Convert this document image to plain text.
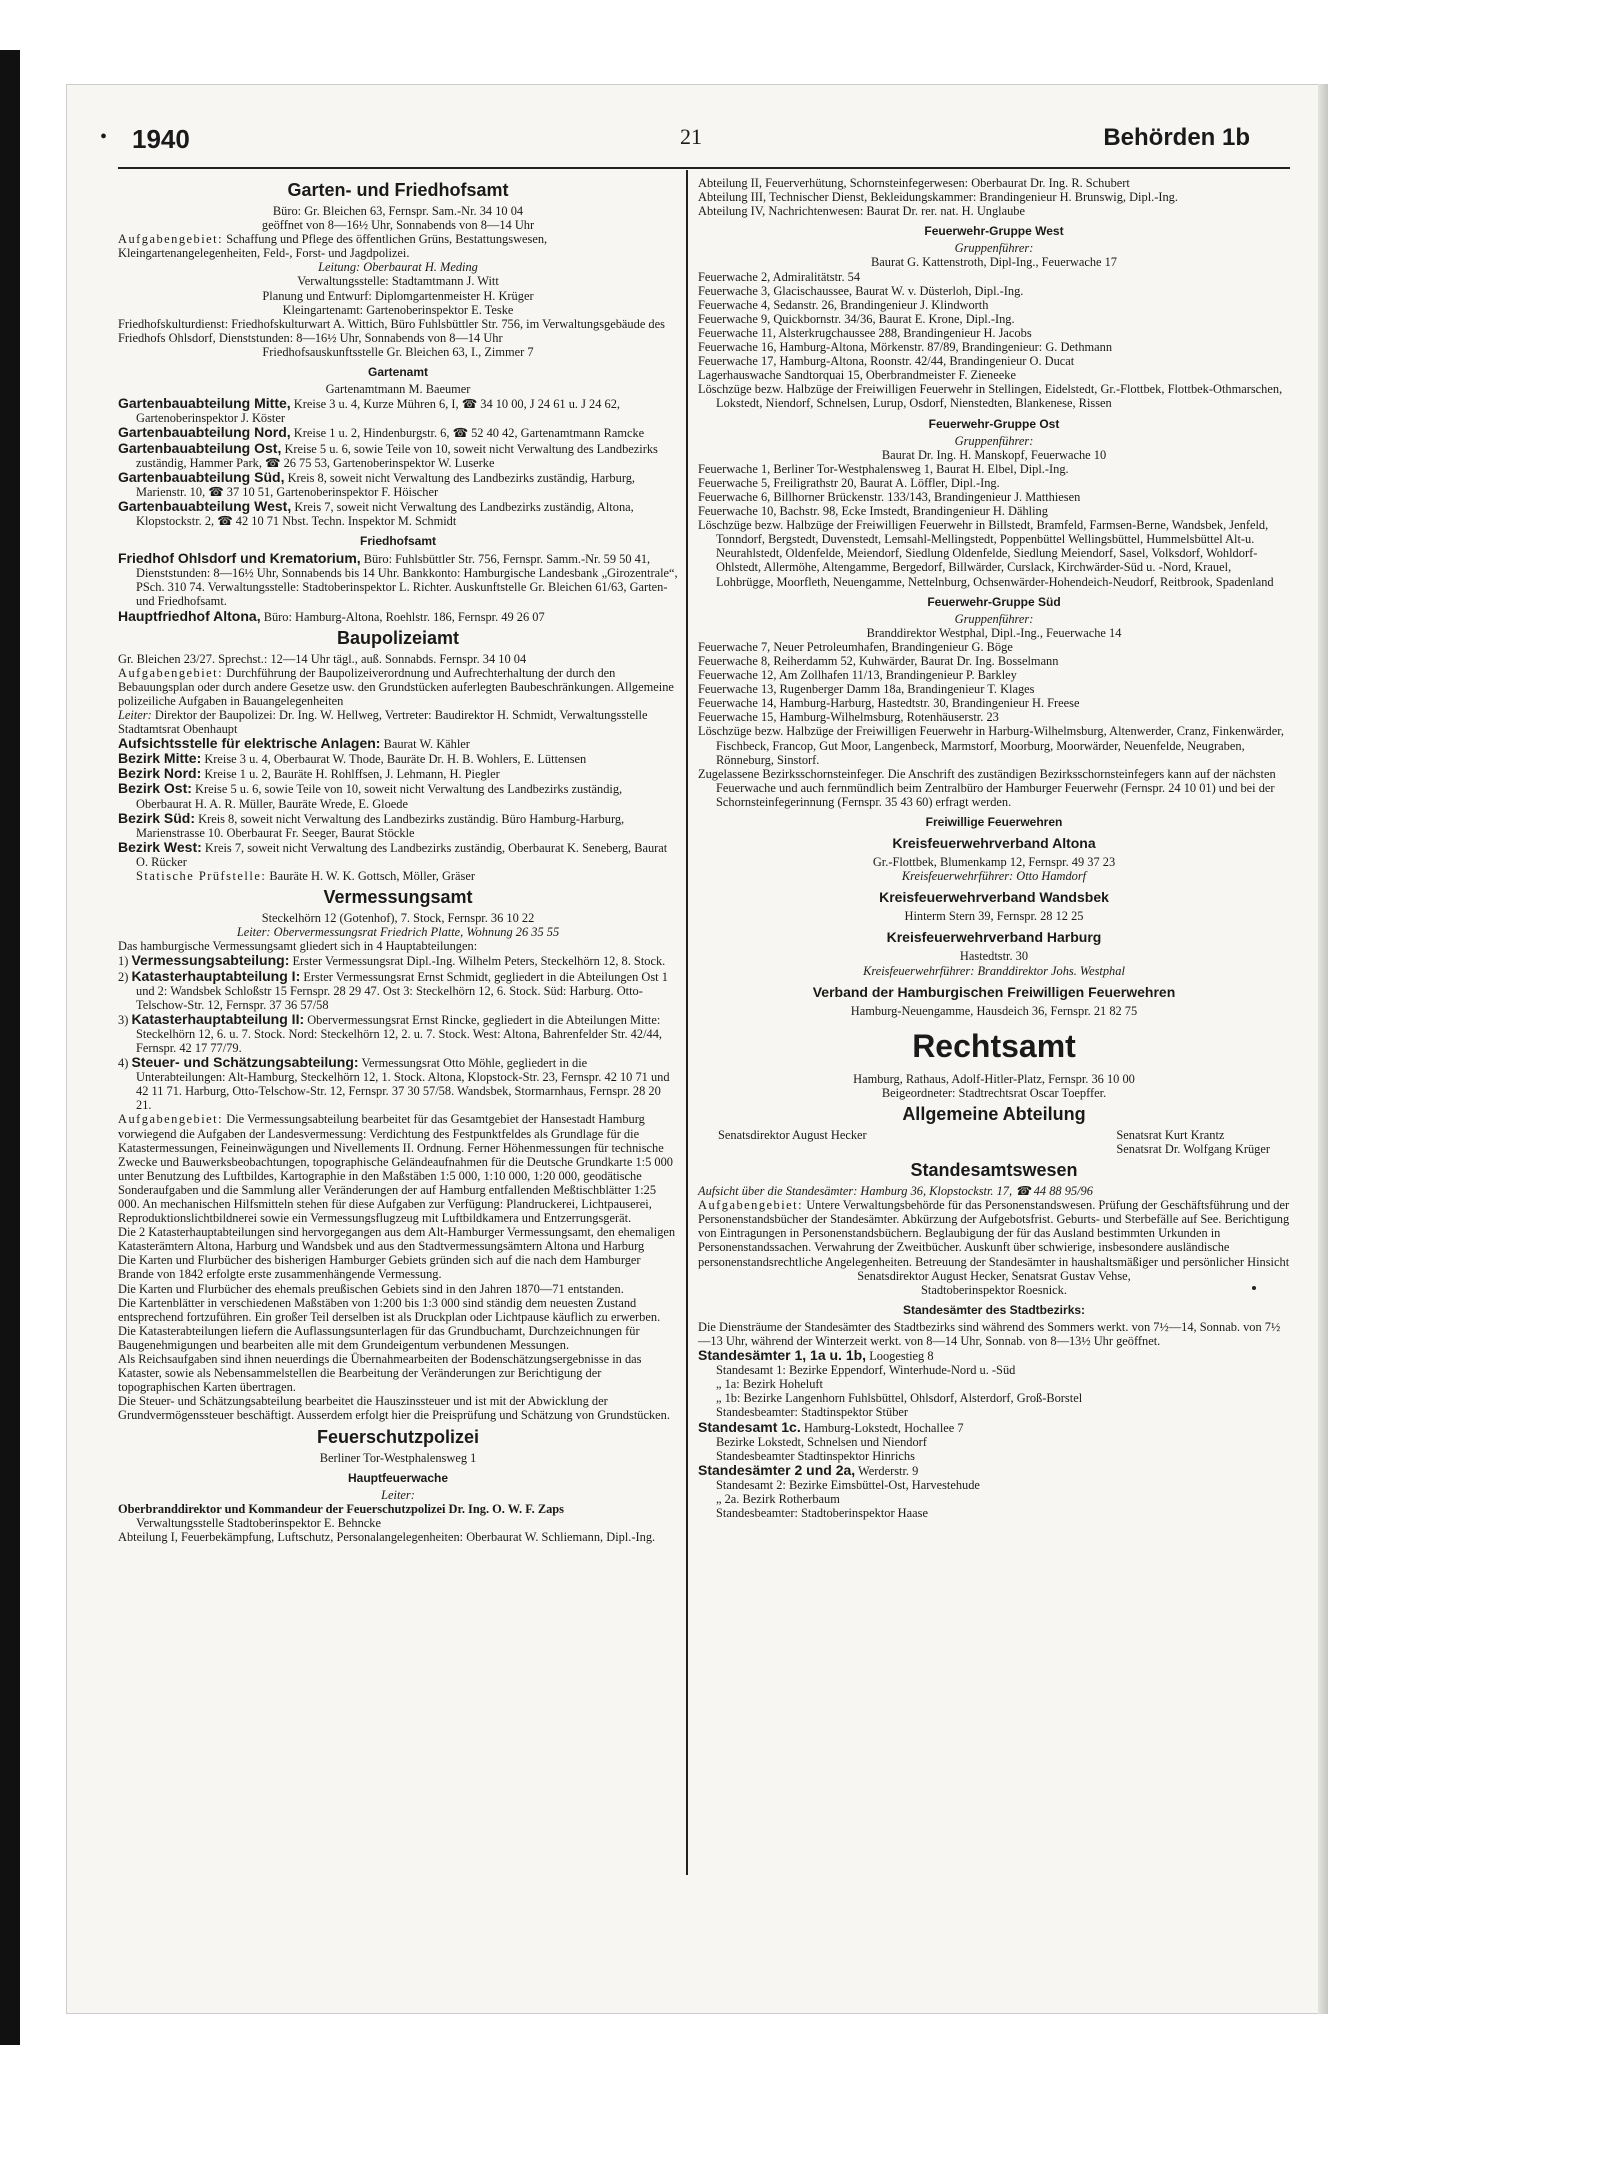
• 1940	21	Behörden 1b
Garten- und Friedhofsamt

Büro: Gr. Bleichen 63, Fernspr. Sam.-Nr. 34 10 04

geöffnet von 8—16½ Uhr, Sonnabends von 8—14 Uhr

Aufgabengebiet: Schaffung und Pflege des öffentlichen Grüns, Bestattungswesen, Kleingartenangelegenheiten, Feld-, Forst- und Jagdpolizei.

Leitung: Oberbaurat H. Meding

Verwaltungsstelle: Stadtamtmann J. Witt

Planung und Entwurf: Diplomgartenmeister H. Krüger

Kleingartenamt: Gartenoberinspektor E. Teske

Friedhofskulturdienst: Friedhofskulturwart A. Wittich, Büro Fuhlsbüttler Str. 756, im Verwaltungsgebäude des Friedhofs Ohlsdorf, Dienststunden: 8—16½ Uhr, Sonnabends von 8—14 Uhr

Friedhofsauskunftsstelle Gr. Bleichen 63, I., Zimmer 7

Gartenamt

Gartenamtmann M. Baeumer

Gartenbauabteilung Mitte, Kreise 3 u. 4, Kurze Mühren 6, I, ☎ 34 10 00, J 24 61 u. J 24 62, Gartenoberinspektor J. Köster

Gartenbauabteilung Nord, Kreise 1 u. 2, Hindenburgstr. 6, ☎ 52 40 42, Gartenamtmann Ramcke

Gartenbauabteilung Ost, Kreise 5 u. 6, sowie Teile von 10, soweit nicht Verwaltung des Landbezirks zuständig, Hammer Park, ☎ 26 75 53, Gartenoberinspektor W. Luserke

Gartenbauabteilung Süd, Kreis 8, soweit nicht Verwaltung des Landbezirks zuständig, Harburg, Marienstr. 10, ☎ 37 10 51, Gartenoberinspektor F. Höischer

Gartenbauabteilung West, Kreis 7, soweit nicht Verwaltung des Landbezirks zuständig, Altona, Klopstockstr. 2, ☎ 42 10 71 Nbst. Techn. Inspektor M. Schmidt

Friedhofsamt

Friedhof Ohlsdorf und Krematorium, Büro: Fuhlsbüttler Str. 756, Fernspr. Samm.-Nr. 59 50 41, Dienststunden: 8—16½ Uhr, Sonnabends bis 14 Uhr. Bankkonto: Hamburgische Landesbank „Girozentrale“, PSch. 310 74. Verwaltungsstelle: Stadtoberinspektor L. Richter. Auskunftstelle Gr. Bleichen 61/63, Garten- und Friedhofsamt.

Hauptfriedhof Altona, Büro: Hamburg-Altona, Roehlstr. 186, Fernspr. 49 26 07

Baupolizeiamt

Gr. Bleichen 23/27. Sprechst.: 12—14 Uhr tägl., auß. Sonnabds. Fernspr. 34 10 04

Aufgabengebiet: Durchführung der Baupolizeiverordnung und Aufrechterhaltung der durch den Bebauungsplan oder durch andere Gesetze usw. den Grundstücken auferlegten Baubeschränkungen. Allgemeine polizeiliche Aufgaben in Bauangelegenheiten

Leiter: Direktor der Baupolizei: Dr. Ing. W. Hellweg, Vertreter: Baudirektor H. Schmidt, Verwaltungsstelle Stadtamtsrat Obenhaupt

Aufsichtsstelle für elektrische Anlagen: Baurat W. Kähler

Bezirk Mitte: Kreise 3 u. 4, Oberbaurat W. Thode, Bauräte Dr. H. B. Wohlers, E. Lüttensen

Bezirk Nord: Kreise 1 u. 2, Bauräte H. Rohlffsen, J. Lehmann, H. Piegler

Bezirk Ost: Kreise 5 u. 6, sowie Teile von 10, soweit nicht Verwaltung des Landbezirks zuständig, Oberbaurat H. A. R. Müller, Bauräte Wrede, E. Gloede

Bezirk Süd: Kreis 8, soweit nicht Verwaltung des Landbezirks zuständig. Büro Hamburg-Harburg, Marienstrasse 10. Oberbaurat Fr. Seeger, Baurat Stöckle

Bezirk West: Kreis 7, soweit nicht Verwaltung des Landbezirks zuständig, Oberbaurat K. Seneberg, Baurat O. Rücker

Statische Prüfstelle: Bauräte H. W. K. Gottsch, Möller, Gräser

Vermessungsamt

Steckelhörn 12 (Gotenhof), 7. Stock, Fernspr. 36 10 22

Leiter: Obervermessungsrat Friedrich Platte, Wohnung 26 35 55

Das hamburgische Vermessungsamt gliedert sich in 4 Hauptabteilungen:

1) Vermessungsabteilung: Erster Vermessungsrat Dipl.-Ing. Wilhelm Peters, Steckelhörn 12, 8. Stock.

2) Katasterhauptabteilung I: Erster Vermessungsrat Ernst Schmidt, gegliedert in die Abteilungen Ost 1 und 2: Wandsbek Schloßstr 15 Fernspr. 28 29 47. Ost 3: Steckelhörn 12, 6. Stock. Süd: Harburg. Otto-Telschow-Str. 12, Fernspr. 37 36 57/58

3) Katasterhauptabteilung II: Obervermessungsrat Ernst Rincke, gegliedert in die Abteilungen Mitte: Steckelhörn 12, 6. u. 7. Stock. Nord: Steckelhörn 12, 2. u. 7. Stock. West: Altona, Bahrenfelder Str. 42/44, Fernspr. 42 17 77/79.

4) Steuer- und Schätzungsabteilung: Vermessungsrat Otto Möhle, gegliedert in die Unterabteilungen: Alt-Hamburg, Steckelhörn 12, 1. Stock. Altona, Klopstock-Str. 23, Fernspr. 42 10 71 und 42 11 71. Harburg, Otto-Telschow-Str. 12, Fernspr. 37 30 57/58. Wandsbek, Stormarnhaus, Fernspr. 28 20 21.

Aufgabengebiet: Die Vermessungsabteilung bearbeitet für das Gesamtgebiet der Hansestadt Hamburg vorwiegend die Aufgaben der Landesvermessung: Verdichtung des Festpunktfeldes als Grundlage für die Katastermessungen, Feineinwägungen und Nivellements II. Ordnung. Ferner Höhenmessungen für technische Zwecke und Bauwerksbeobachtungen, topographische Geländeaufnahmen für die Deutsche Grundkarte 1:5 000 unter Benutzung des Luftbildes, Kartographie in den Maßstäben 1:5 000, 1:10 000, 1:20 000, geodätische Sonderaufgaben und die Sammlung aller Veränderungen der auf Hamburg entfallenden Meßtischblätter 1:25 000. An mechanischen Hilfsmitteln stehen für diese Aufgaben zur Verfügung: Plandruckerei, Lichtpauserei, Reproduktionslichtbildnerei sowie ein Vermessungsflugzeug mit Luftbildkamera und Entzerrungsgerät.

Die 2 Katasterhauptabteilungen sind hervorgegangen aus dem Alt-Hamburger Vermessungsamt, den ehemaligen Katasterämtern Altona, Harburg und Wandsbek und aus den Stadtvermessungsämtern Altona und Harburg

Die Karten und Flurbücher des bisherigen Hamburger Gebiets gründen sich auf die nach dem Hamburger Brande von 1842 erfolgte erste zusammenhängende Vermessung.

Die Karten und Flurbücher des ehemals preußischen Gebiets sind in den Jahren 1870—71 entstanden.

Die Kartenblätter in verschiedenen Maßstäben von 1:200 bis 1:3 000 sind ständig dem neuesten Zustand entsprechend fortzuführen. Ein großer Teil derselben ist als Druckplan oder Lichtpause käuflich zu erwerben.

Die Katasterabteilungen liefern die Auflassungsunterlagen für das Grundbuchamt, Durchzeichnungen für Baugenehmigungen und bearbeiten alle mit dem Grundeigentum verbundenen Messungen.

Als Reichsaufgaben sind ihnen neuerdings die Übernahmearbeiten der Bodenschätzungsergebnisse in das Kataster, sowie als Nebensammelstellen die Bearbeitung der Veränderungen zur Berichtigung der topographischen Karten übertragen.

Die Steuer- und Schätzungsabteilung bearbeitet die Hauszinssteuer und ist mit der Abwicklung der Grundvermögenssteuer beschäftigt. Ausserdem erfolgt hier die Preisprüfung und Schätzung von Grundstücken.

Feuerschutzpolizei

Berliner Tor-Westphalensweg 1

Hauptfeuerwache

Leiter:

Oberbranddirektor und Kommandeur der Feuerschutzpolizei Dr. Ing. O. W. F. Zaps

Verwaltungsstelle Stadtoberinspektor E. Behncke

Abteilung I, Feuerbekämpfung, Luftschutz, Personalangelegenheiten: Oberbaurat W. Schliemann, Dipl.-Ing.

Abteilung II, Feuerverhütung, Schornsteinfegerwesen: Oberbaurat Dr. Ing. R. Schubert

Abteilung III, Technischer Dienst, Bekleidungskammer: Brandingenieur H. Brunswig, Dipl.-Ing.

Abteilung IV, Nachrichtenwesen: Baurat Dr. rer. nat. H. Unglaube

Feuerwehr-Gruppe West

Gruppenführer:

Baurat G. Kattenstroth, Dipl-Ing., Feuerwache 17

Feuerwache 2, Admiralitätstr. 54

Feuerwache 3, Glacischaussee, Baurat W. v. Düsterloh, Dipl.-Ing.

Feuerwache 4, Sedanstr. 26, Brandingenieur J. Klindworth

Feuerwache 9, Quickbornstr. 34/36, Baurat E. Krone, Dipl.-Ing.

Feuerwache 11, Alsterkrugchaussee 288, Brandingenieur H. Jacobs

Feuerwache 16, Hamburg-Altona, Mörkenstr. 87/89, Brandingenieur: G. Dethmann

Feuerwache 17, Hamburg-Altona, Roonstr. 42/44, Brandingenieur O. Ducat

Lagerhauswache Sandtorquai 15, Oberbrandmeister F. Zieneeke

Löschzüge bezw. Halbzüge der Freiwilligen Feuerwehr in Stellingen, Eidelstedt, Gr.-Flottbek, Flottbek-Othmarschen, Lokstedt, Niendorf, Schnelsen, Lurup, Osdorf, Nienstedten, Blankenese, Rissen

Feuerwehr-Gruppe Ost

Gruppenführer:

Baurat Dr. Ing. H. Manskopf, Feuerwache 10

Feuerwache 1, Berliner Tor-Westphalensweg 1, Baurat H. Elbel, Dipl.-Ing.

Feuerwache 5, Freiligrathstr 20, Baurat A. Löffler, Dipl.-Ing.

Feuerwache 6, Billhorner Brückenstr. 133/143, Brandingenieur J. Matthiesen

Feuerwache 10, Bachstr. 98, Ecke Imstedt, Brandingenieur H. Dähling

Löschzüge bezw. Halbzüge der Freiwilligen Feuerwehr in Billstedt, Bramfeld, Farmsen-Berne, Wandsbek, Jenfeld, Tonndorf, Bergstedt, Duvenstedt, Lemsahl-Mellingstedt, Poppenbüttel Wellingsbüttel, Hummelsbüttel Alt-u. Neurahlstedt, Oldenfelde, Meiendorf, Siedlung Oldenfelde, Siedlung Meiendorf, Sasel, Volksdorf, Wohldorf-Ohlstedt, Allermöhe, Altengamme, Bergedorf, Billwärder, Curslack, Kirchwärder-Süd u. -Nord, Krauel, Lohbrügge, Moorfleth, Neuengamme, Nettelnburg, Ochsenwärder-Hohendeich-Neudorf, Reitbrook, Spadenland

Feuerwehr-Gruppe Süd

Gruppenführer:

Branddirektor Westphal, Dipl.-Ing., Feuerwache 14

Feuerwache 7, Neuer Petroleumhafen, Brandingenieur G. Böge

Feuerwache 8, Reiherdamm 52, Kuhwärder, Baurat Dr. Ing. Bosselmann

Feuerwache 12, Am Zollhafen 11/13, Brandingenieur P. Barkley

Feuerwache 13, Rugenberger Damm 18a, Brandingenieur T. Klages

Feuerwache 14, Hamburg-Harburg, Hastedtstr. 30, Brandingenieur H. Freese

Feuerwache 15, Hamburg-Wilhelmsburg, Rotenhäuserstr. 23

Löschzüge bezw. Halbzüge der Freiwilligen Feuerwehr in Harburg-Wilhelmsburg, Altenwerder, Cranz, Finkenwärder, Fischbeck, Francop, Gut Moor, Langenbeck, Marmstorf, Moorburg, Moorwärder, Neuenfelde, Neugraben, Rönneburg, Sinstorf.

Zugelassene Bezirksschornsteinfeger. Die Anschrift des zuständigen Bezirksschornsteinfegers kann auf der nächsten Feuerwache und auch fernmündlich beim Zentralbüro der Hamburger Feuerwehr (Fernspr. 24 10 01) und bei der Schornsteinfegerinnung (Fernspr. 35 43 60) erfragt werden.

Freiwillige Feuerwehren
Kreisfeuerwehrverband Altona

Gr.-Flottbek, Blumenkamp 12, Fernspr. 49 37 23

Kreisfeuerwehrführer: Otto Hamdorf

Kreisfeuerwehrverband Wandsbek

Hinterm Stern 39, Fernspr. 28 12 25

Kreisfeuerwehrverband Harburg

Hastedtstr. 30

Kreisfeuerwehrführer: Branddirektor Johs. Westphal

Verband der Hamburgischen Freiwilligen Feuerwehren

Hamburg-Neuengamme, Hausdeich 36, Fernspr. 21 82 75

Rechtsamt

Hamburg, Rathaus, Adolf-Hitler-Platz, Fernspr. 36 10 00

Beigeordneter: Stadtrechtsrat Oscar Toepffer.

Allgemeine Abteilung
Senatsdirektor August Hecker	Senatsrat Kurt Krantz
Senatsrat Dr. Wolfgang Krüger
Standesamtswesen

Aufsicht über die Standesämter: Hamburg 36, Klopstockstr. 17, ☎ 44 88 95/96

Aufgabengebiet: Untere Verwaltungsbehörde für das Personenstandswesen. Prüfung der Geschäftsführung und der Personenstandsbücher der Standesämter. Abkürzung der Aufgebotsfrist. Geburts- und Sterbefälle auf See. Berichtigung von Eintragungen in Personenstandsbüchern. Beglaubigung der für das Ausland bestimmten Urkunden in Personenstandssachen. Verwahrung der Zweitbücher. Auskunft über schwierige, insbesondere ausländische personenstandsrechtliche Angelegenheiten. Betreuung der Standesämter in haushaltsmäßiger und persönlicher Hinsicht

Senatsdirektor August Hecker, Senatsrat Gustav Vehse,

Stadtoberinspektor Roesnick.

Standesämter des Stadtbezirks:

Die Diensträume der Standesämter des Stadtbezirks sind während des Sommers werkt. von 7½—14, Sonnab. von 7½—13 Uhr, während der Winterzeit werkt. von 8—14 Uhr, Sonnab. von 8—13½ Uhr geöffnet.

Standesämter 1, 1a u. 1b, Loogestieg 8

Standesamt 1: Bezirke Eppendorf, Winterhude-Nord u. -Süd

„ 1a: Bezirk Hoheluft

„ 1b: Bezirke Langenhorn Fuhlsbüttel, Ohlsdorf, Alsterdorf, Groß-Borstel

Standesbeamter: Stadtinspektor Stüber

Standesamt 1c. Hamburg-Lokstedt, Hochallee 7

Bezirke Lokstedt, Schnelsen und Niendorf

Standesbeamter Stadtinspektor Hinrichs

Standesämter 2 und 2a, Werderstr. 9

Standesamt 2: Bezirke Eimsbüttel-Ost, Harvestehude

„ 2a. Bezirk Rotherbaum

Standesbeamter: Stadtoberinspektor Haase
